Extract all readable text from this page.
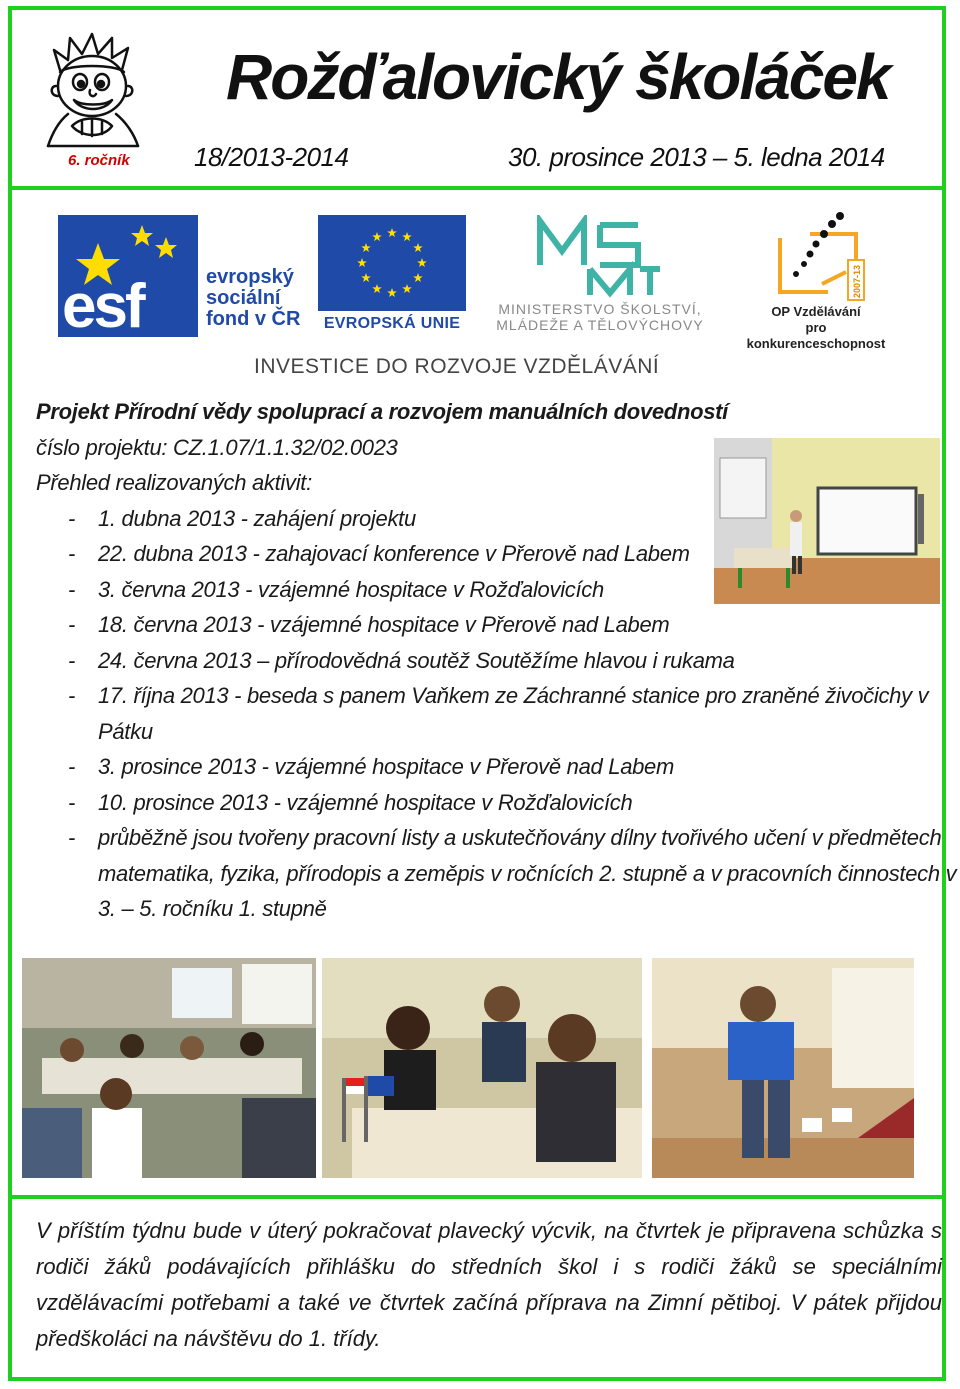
6. ročník
Rožďalovický školáček
18/2013-2014	30. prosince 2013 – 5. ledna 2014
esf	evropský
sociální
fond v ČR	EVROPSKÁ UNIE
MINISTERSTVO ŠKOLSTVÍ,
MLÁDEŽE A TĚLOVÝCHOVY
2007-13
OP Vzdělávání
pro konkurenceschopnost
INVESTICE DO ROZVOJE VZDĚLÁVÁNÍ
Projekt Přírodní vědy spoluprací a rozvojem manuálních dovedností
číslo projektu: CZ.1.07/1.1.32/02.0023
Přehled realizovaných aktivit:
- 1. dubna 2013 - zahájení projektu
- 22. dubna 2013 - zahajovací konference v Přerově nad Labem
- 3. června 2013 - vzájemné hospitace v Rožďalovicích
- 18. června 2013 - vzájemné hospitace v Přerově nad Labem
- 24. června 2013 – přírodovědná soutěž Soutěžíme hlavou i rukama
- 17. října 2013 - beseda s panem Vaňkem ze Záchranné stanice pro zraněné živočichy v Pátku
- 3. prosince 2013 - vzájemné hospitace v Přerově nad Labem
- 10. prosince 2013 - vzájemné hospitace v Rožďalovicích
- průběžně jsou tvořeny pracovní listy a uskutečňovány dílny tvořivého učení v předmětech matematika, fyzika, přírodopis a zeměpis v ročnících 2. stupně a v pracovních činnostech v 3. – 5. ročníku 1. stupně
V příštím týdnu bude v úterý pokračovat plavecký výcvik, na čtvrtek je připravena schůzka s rodiči žáků podávajících přihlášku do středních škol i s rodiči žáků se speciálními vzdělávacími potřebami a také ve čtvrtek začíná příprava na Zimní pětiboj. V pátek přijdou předškoláci na návštěvu do 1. třídy.
